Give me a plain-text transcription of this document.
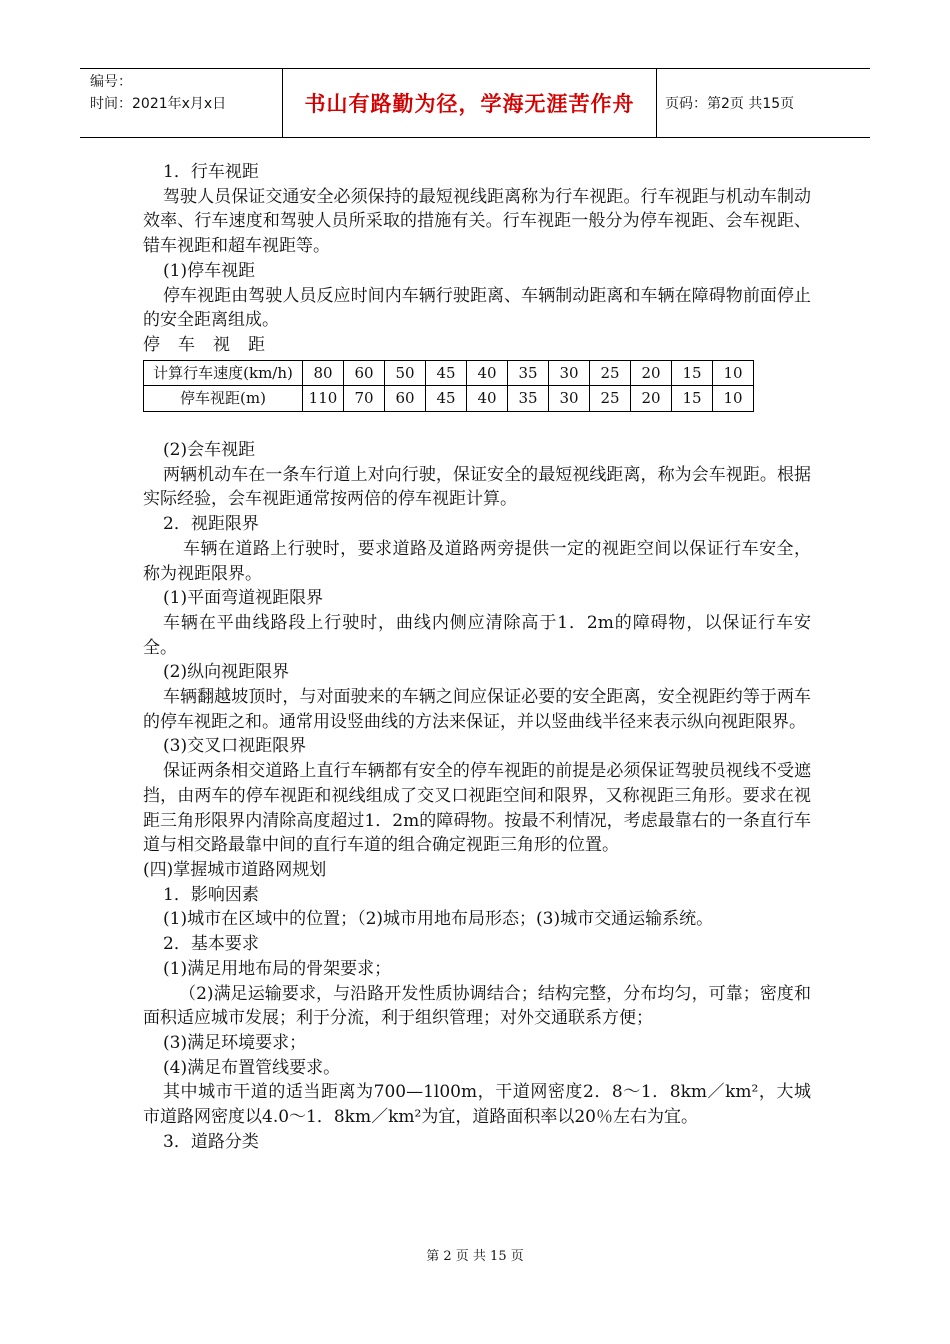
编号：
时间：2021年x月x日	书山有路勤为径，学海无涯苦作舟	页码：第2页 共15页

1．行车视距

驾驶人员保证交通安全必须保持的最短视线距离称为行车视距。行车视距与机动车制动效率、行车速度和驾驶人员所采取的措施有关。行车视距一般分为停车视距、会车视距、错车视距和超车视距等。

(1)停车视距

停车视距由驾驶人员反应时间内车辆行驶距离、车辆制动距离和车辆在障碍物前面停止的安全距离组成。

停车视距

计算行车速度(km/h)	80	60	50	45	40	35	30	25	20	15	10
停车视距(m)	110	70	60	45	40	35	30	25	20	15	10

(2)会车视距

两辆机动车在一条车行道上对向行驶，保证安全的最短视线距离，称为会车视距。根据实际经验，会车视距通常按两倍的停车视距计算。

2．视距限界

车辆在道路上行驶时，要求道路及道路两旁提供一定的视距空间以保证行车安全，称为视距限界。

(1)平面弯道视距限界

车辆在平曲线路段上行驶时，曲线内侧应清除高于1．2m的障碍物，以保证行车安全。

(2)纵向视距限界

车辆翻越坡顶时，与对面驶来的车辆之间应保证必要的安全距离，安全视距约等于两车的停车视距之和。通常用设竖曲线的方法来保证，并以竖曲线半径来表示纵向视距限界。

(3)交叉口视距限界

保证两条相交道路上直行车辆都有安全的停车视距的前提是必须保证驾驶员视线不受遮挡，由两车的停车视距和视线组成了交叉口视距空间和限界，又称视距三角形。要求在视距三角形限界内清除高度超过1．2m的障碍物。按最不利情况，考虑最靠右的一条直行车道与相交路最靠中间的直行车道的组合确定视距三角形的位置。

(四)掌握城市道路网规划

1．影响因素

(1)城市在区域中的位置；（2)城市用地布局形态；(3)城市交通运输系统。

2．基本要求

(1)满足用地布局的骨架要求；

（2)满足运输要求，与沿路开发性质协调结合；结构完整，分布均匀，可靠；密度和面积适应城市发展；利于分流，利于组织管理；对外交通联系方便；

(3)满足环境要求；

(4)满足布置管线要求。

其中城市干道的适当距离为700—1l00m，干道网密度2．8～1．8km／km²，大城市道路网密度以4.0～1．8km／km²为宜，道路面积率以20％左右为宜。

3．道路分类

第 2 页 共 15 页
